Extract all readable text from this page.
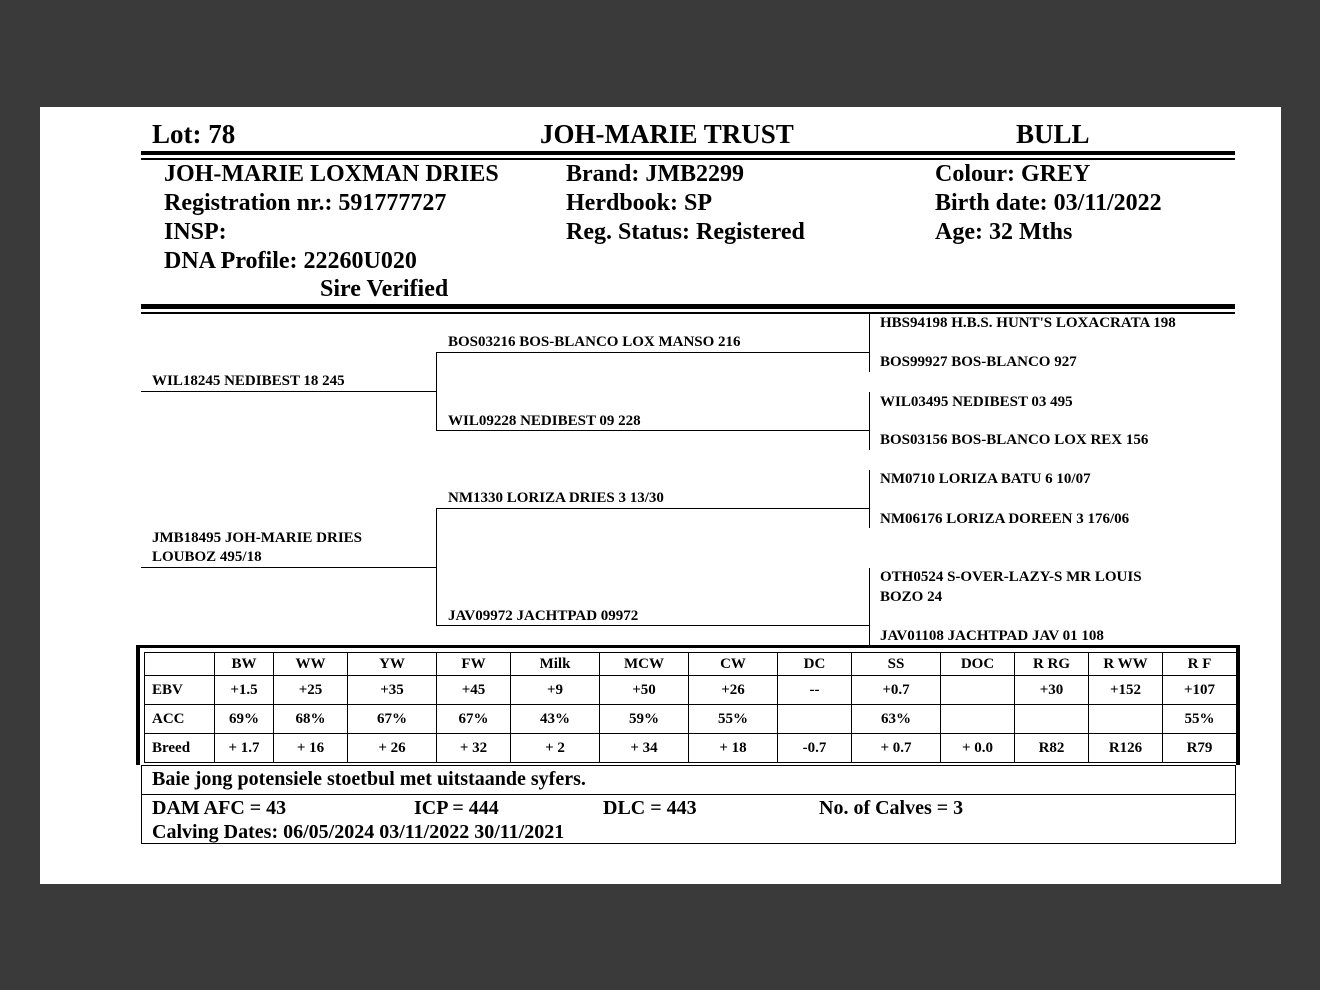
Lot: 78	JOH-MARIE TRUST	BULL
JOH-MARIE LOXMAN DRIES
Registration nr.: 591777727
INSP:
DNA Profile: 22260U020
Sire Verified
Brand: JMB2299
Herdbook: SP
Reg. Status: Registered
Colour: GREY
Birth date: 03/11/2022
Age: 32 Mths
WIL18245 NEDIBEST 18 245
JMB18495 JOH-MARIE DRIES
LOUBOZ 495/18
BOS03216 BOS-BLANCO LOX MANSO 216
WIL09228 NEDIBEST 09 228
NM1330 LORIZA DRIES 3 13/30
JAV09972 JACHTPAD 09972
HBS94198 H.B.S. HUNT'S LOXACRATA 198
BOS99927 BOS-BLANCO 927
WIL03495 NEDIBEST 03 495
BOS03156 BOS-BLANCO LOX REX 156
NM0710 LORIZA BATU 6 10/07
NM06176 LORIZA DOREEN 3 176/06
OTH0524 S-OVER-LAZY-S MR LOUIS
BOZO 24
JAV01108 JACHTPAD JAV 01 108
	BW	WW	YW	FW	Milk	MCW	CW	DC	SS	DOC	R RG	R WW	R F
EBV	+1.5	+25	+35	+45	+9	+50	+26	--	+0.7		+30	+152	+107
ACC	69%	68%	67%	67%	43%	59%	55%		63%				55%
Breed	+ 1.7	+ 16	+ 26	+ 32	+ 2	+ 34	+ 18	-0.7	+ 0.7	+ 0.0	R82	R126	R79
Baie jong potensiele stoetbul met uitstaande syfers.
DAM AFC = 43	ICP = 444	DLC = 443	No. of Calves = 3
Calving Dates: 06/05/2024 03/11/2022 30/11/2021
